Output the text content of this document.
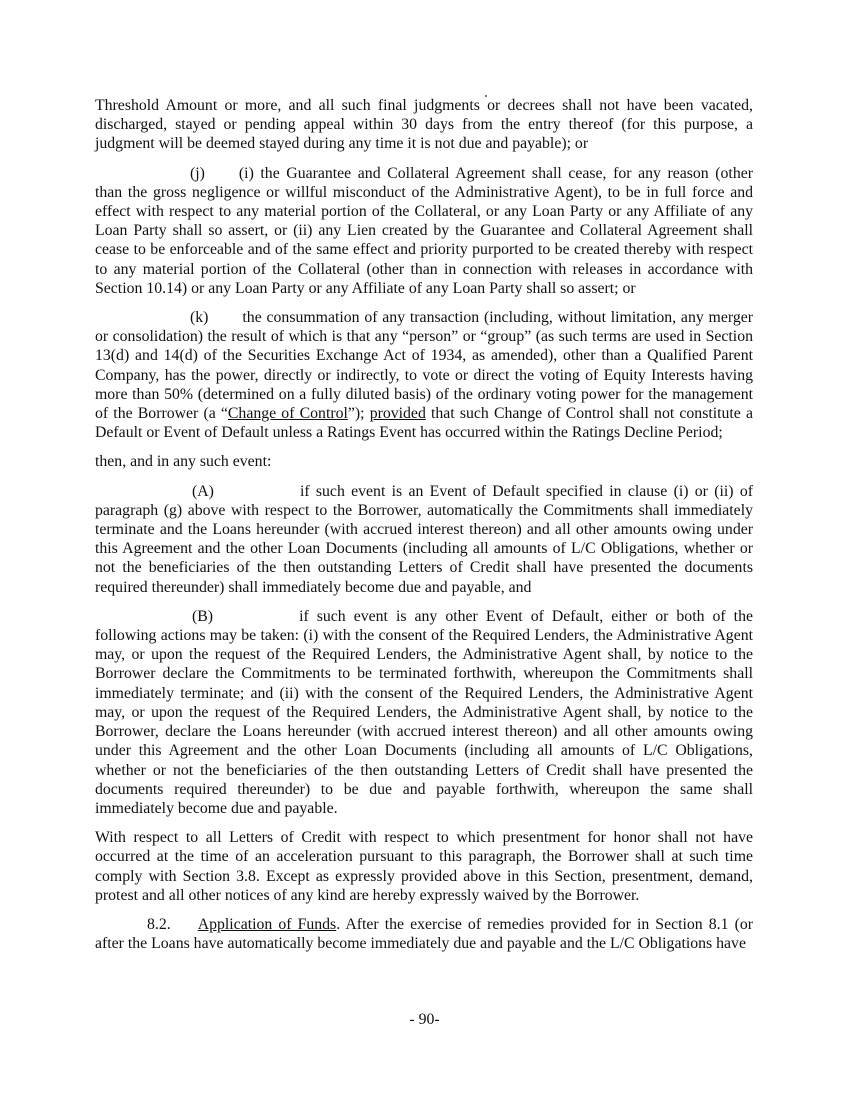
Threshold Amount or more, and all such final judgments or decrees shall not have been vacated, discharged, stayed or pending appeal within 30 days from the entry thereof (for this purpose, a judgment will be deemed stayed during any time it is not due and payable); or

(j) (i) the Guarantee and Collateral Agreement shall cease, for any reason (other than the gross negligence or willful misconduct of the Administrative Agent), to be in full force and effect with respect to any material portion of the Collateral, or any Loan Party or any Affiliate of any Loan Party shall so assert, or (ii) any Lien created by the Guarantee and Collateral Agreement shall cease to be enforceable and of the same effect and priority purported to be created thereby with respect to any material portion of the Collateral (other than in connection with releases in accordance with Section 10.14) or any Loan Party or any Affiliate of any Loan Party shall so assert; or

(k) the consummation of any transaction (including, without limitation, any merger or consolidation) the result of which is that any “person” or “group” (as such terms are used in Section 13(d) and 14(d) of the Securities Exchange Act of 1934, as amended), other than a Qualified Parent Company, has the power, directly or indirectly, to vote or direct the voting of Equity Interests having more than 50% (determined on a fully diluted basis) of the ordinary voting power for the management of the Borrower (a “Change of Control”); provided that such Change of Control shall not constitute a Default or Event of Default unless a Ratings Event has occurred within the Ratings Decline Period;

then, and in any such event:

(A)	if such event is an Event of Default specified in clause (i) or (ii) of paragraph (g) above with respect to the Borrower, automatically the Commitments shall immediately terminate and the Loans hereunder (with accrued interest thereon) and all other amounts owing under this Agreement and the other Loan Documents (including all amounts of L/C Obligations, whether or not the beneficiaries of the then outstanding Letters of Credit shall have presented the documents required thereunder) shall immediately become due and payable, and

(B)	if such event is any other Event of Default, either or both of the following actions may be taken: (i) with the consent of the Required Lenders, the Administrative Agent may, or upon the request of the Required Lenders, the Administrative Agent shall, by notice to the Borrower declare the Commitments to be terminated forthwith, whereupon the Commitments shall immediately terminate; and (ii) with the consent of the Required Lenders, the Administrative Agent may, or upon the request of the Required Lenders, the Administrative Agent shall, by notice to the Borrower, declare the Loans hereunder (with accrued interest thereon) and all other amounts owing under this Agreement and the other Loan Documents (including all amounts of L/C Obligations, whether or not the beneficiaries of the then outstanding Letters of Credit shall have presented the documents required thereunder) to be due and payable forthwith, whereupon the same shall immediately become due and payable.

With respect to all Letters of Credit with respect to which presentment for honor shall not have occurred at the time of an acceleration pursuant to this paragraph, the Borrower shall at such time comply with Section 3.8. Except as expressly provided above in this Section, presentment, demand, protest and all other notices of any kind are hereby expressly waived by the Borrower.

8.2. Application of Funds. After the exercise of remedies provided for in Section 8.1 (or after the Loans have automatically become immediately due and payable and the L/C Obligations have

- 90-
